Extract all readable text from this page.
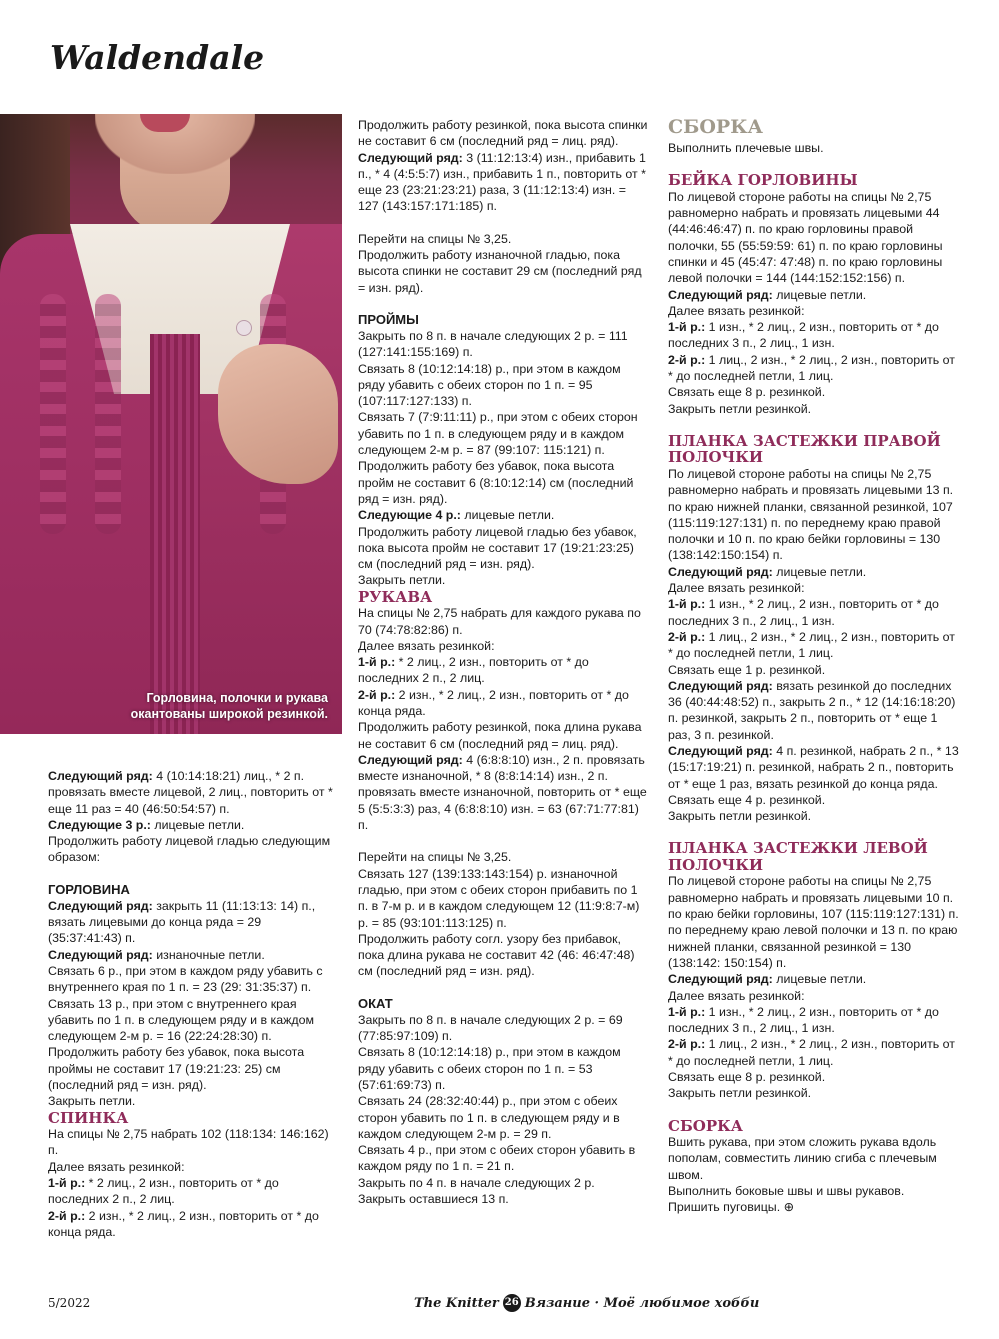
Waldendale
Горловина, полочки и рукава
окантованы широкой резинкой.

Следующий ряд: 4 (10:14:18:21) лиц., * 2 п. провязать вместе лицевой, 2 лиц., повторить от * еще 11 раз = 40 (46:50:54:57) п.

Следующие 3 р.: лицевые петли.

Продолжить работу лицевой гладью следующим образом:

ГОРЛОВИНА

Следующий ряд: закрыть 11 (11:13:13: 14) п., вязать лицевыми до конца ряда = 29 (35:37:41:43) п.

Следующий ряд: изнаночные петли.

Связать 6 р., при этом в каждом ряду убавить с внутреннего края по 1 п. = 23 (29: 31:35:37) п.

Связать 13 р., при этом с внутреннего края убавить по 1 п. в следующем ряду и в каждом следующем 2-м р. = 16 (22:24:28:30) п.

Продолжить работу без убавок, пока высота проймы не составит 17 (19:21:23: 25) см (последний ряд = изн. ряд).

Закрыть петли.

СПИНКА

На спицы № 2,75 набрать 102 (118:134: 146:162) п.

Далее вязать резинкой:

1-й р.: * 2 лиц., 2 изн., повторить от * до последних 2 п., 2 лиц.

2-й р.: 2 изн., * 2 лиц., 2 изн., повторить от * до конца ряда.

Продолжить работу резинкой, пока высота спинки не составит 6 см (последний ряд = лиц. ряд).

Следующий ряд: 3 (11:12:13:4) изн., прибавить 1 п., * 4 (4:5:5:7) изн., прибавить 1 п., повторить от * еще 23 (23:21:23:21) раза, 3 (11:12:13:4) изн. = 127 (143:157:171:185) п.

Перейти на спицы № 3,25.

Продолжить работу изнаночной гладью, пока высота спинки не составит 29 см (последний ряд = изн. ряд).

ПРОЙМЫ

Закрыть по 8 п. в начале следующих 2 р. = 111 (127:141:155:169) п.

Связать 8 (10:12:14:18) р., при этом в каждом ряду убавить с обеих сторон по 1 п. = 95 (107:117:127:133) п.

Связать 7 (7:9:11:11) р., при этом с обеих сторон убавить по 1 п. в следующем ряду и в каждом следующем 2-м р. = 87 (99:107: 115:121) п.

Продолжить работу без убавок, пока высота пройм не составит 6 (8:10:12:14) см (последний ряд = изн. ряд).

Следующие 4 р.: лицевые петли.

Продолжить работу лицевой гладью без убавок, пока высота пройм не составит 17 (19:21:23:25) см (последний ряд = изн. ряд).

Закрыть петли.

РУКАВА

На спицы № 2,75 набрать для каждого рукава по 70 (74:78:82:86) п.

Далее вязать резинкой:

1-й р.: * 2 лиц., 2 изн., повторить от * до последних 2 п., 2 лиц.

2-й р.: 2 изн., * 2 лиц., 2 изн., повторить от * до конца ряда.

Продолжить работу резинкой, пока длина рукава не составит 6 см (последний ряд = лиц. ряд).

Следующий ряд: 4 (6:8:8:10) изн., 2 п. провязать вместе изнаночной, * 8 (8:8:14:14) изн., 2 п. провязать вместе изнаночной, повторить от * еще 5 (5:5:3:3) раз, 4 (6:8:8:10) изн. = 63 (67:71:77:81) п.

Перейти на спицы № 3,25.

Связать 127 (139:133:143:154) р. изнаночной гладью, при этом с обеих сторон прибавить по 1 п. в 7-м р. и в каждом следующем 12 (11:9:8:7-м) р. = 85 (93:101:113:125) п.

Продолжить работу согл. узору без прибавок, пока длина рукава не составит 42 (46: 46:47:48) см (последний ряд = изн. ряд).

ОКАТ

Закрыть по 8 п. в начале следующих 2 р. = 69 (77:85:97:109) п.

Связать 8 (10:12:14:18) р., при этом в каждом ряду убавить с обеих сторон по 1 п. = 53 (57:61:69:73) п.

Связать 24 (28:32:40:44) р., при этом с обеих сторон убавить по 1 п. в следующем ряду и в каждом следующем 2-м р. = 29 п.

Связать 4 р., при этом с обеих сторон убавить в каждом ряду по 1 п. = 21 п.

Закрыть по 4 п. в начале следующих 2 р.

Закрыть оставшиеся 13 п.

СБОРКА

Выполнить плечевые швы.

БЕЙКА ГОРЛОВИНЫ

По лицевой стороне работы на спицы № 2,75 равномерно набрать и провязать лицевыми 44 (44:46:46:47) п. по краю горловины правой полочки, 55 (55:59:59: 61) п. по краю горловины спинки и 45 (45:47: 47:48) п. по краю горловины левой полочки = 144 (144:152:152:156) п.

Следующий ряд: лицевые петли.

Далее вязать резинкой:

1-й р.: 1 изн., * 2 лиц., 2 изн., повторить от * до последних 3 п., 2 лиц., 1 изн.

2-й р.: 1 лиц., 2 изн., * 2 лиц., 2 изн., повторить от * до последней петли, 1 лиц.

Связать еще 8 р. резинкой.

Закрыть петли резинкой.

ПЛАНКА ЗАСТЕЖКИ ПРАВОЙ ПОЛОЧКИ

По лицевой стороне работы на спицы № 2,75 равномерно набрать и провязать лицевыми 13 п. по краю нижней планки, связанной резинкой, 107 (115:119:127:131) п. по переднему краю правой полочки и 10 п. по краю бейки горловины = 130 (138:142:150:154) п.

Следующий ряд: лицевые петли.

Далее вязать резинкой:

1-й р.: 1 изн., * 2 лиц., 2 изн., повторить от * до последних 3 п., 2 лиц., 1 изн.

2-й р.: 1 лиц., 2 изн., * 2 лиц., 2 изн., повторить от * до последней петли, 1 лиц.

Связать еще 1 р. резинкой.

Следующий ряд: вязать резинкой до последних 36 (40:44:48:52) п., закрыть 2 п., * 12 (14:16:18:20) п. резинкой, закрыть 2 п., повторить от * еще 1 раз, 3 п. резинкой.

Следующий ряд: 4 п. резинкой, набрать 2 п., * 13 (15:17:19:21) п. резинкой, набрать 2 п., повторить от * еще 1 раз, вязать резинкой до конца ряда.

Связать еще 4 р. резинкой.

Закрыть петли резинкой.

ПЛАНКА ЗАСТЕЖКИ ЛЕВОЙ ПОЛОЧКИ

По лицевой стороне работы на спицы № 2,75 равномерно набрать и провязать лицевыми 10 п. по краю бейки горловины, 107 (115:119:127:131) п. по переднему краю левой полочки и 13 п. по краю нижней планки, связанной резинкой = 130 (138:142: 150:154) п.

Следующий ряд: лицевые петли.

Далее вязать резинкой:

1-й р.: 1 изн., * 2 лиц., 2 изн., повторить от * до последних 3 п., 2 лиц., 1 изн.

2-й р.: 1 лиц., 2 изн., * 2 лиц., 2 изн., повторить от * до последней петли, 1 лиц.

Связать еще 8 р. резинкой.

Закрыть петли резинкой.

СБОРКА

Вшить рукава, при этом сложить рукава вдоль пополам, совместить линию сгиба с плечевым швом.

Выполнить боковые швы и швы рукавов.

Пришить пуговицы. ⊕

5/2022	The Knitter 26 Вязание · Моё любимое хобби
